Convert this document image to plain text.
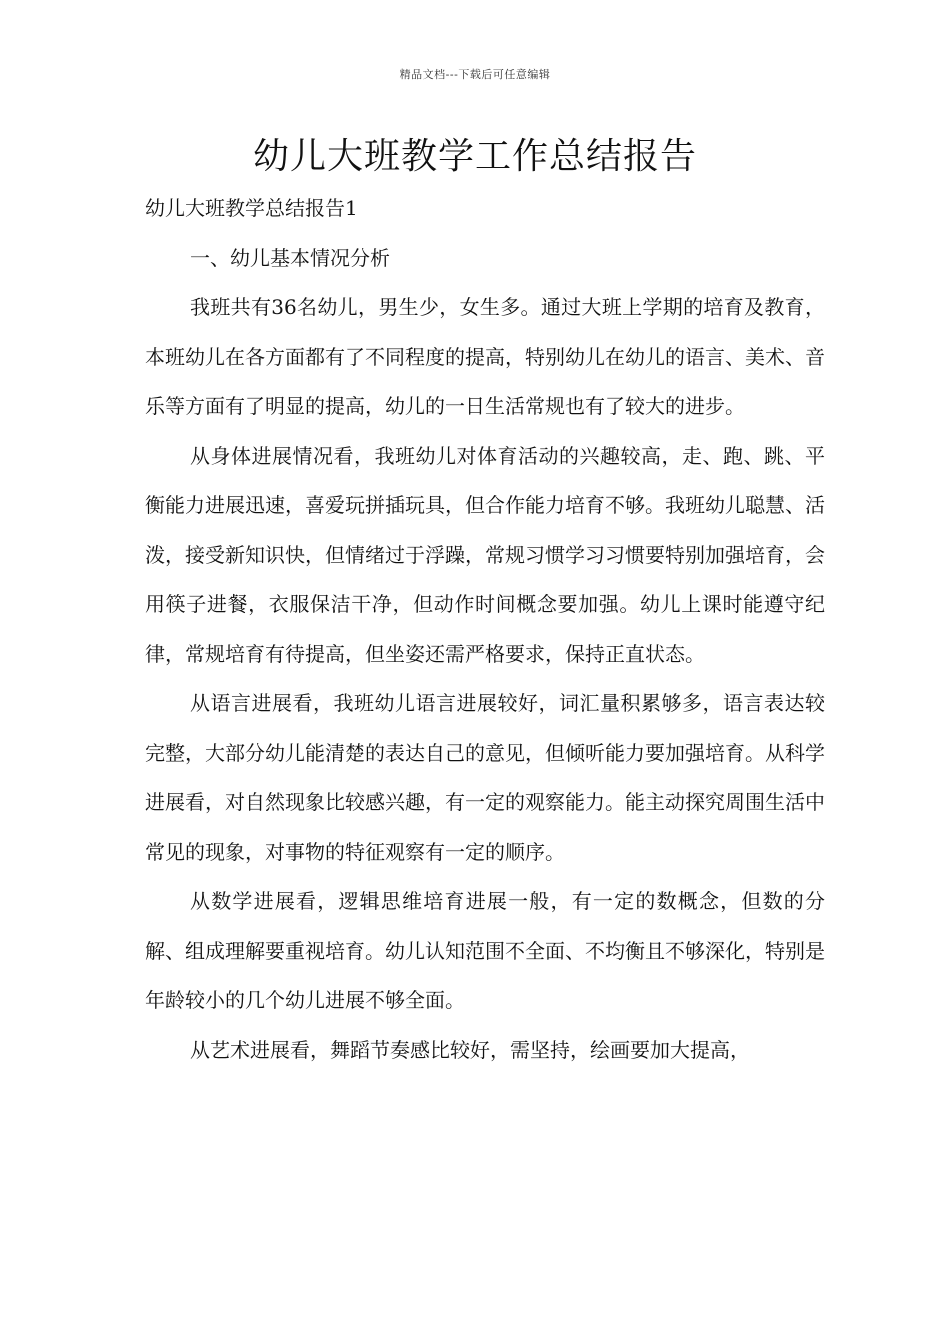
精品文档---下载后可任意编辑
幼儿大班教学工作总结报告

幼儿大班教学总结报告1

一、幼儿基本情况分析

我班共有36名幼儿，男生少，女生多。通过大班上学期的培育及教育，本班幼儿在各方面都有了不同程度的提高，特别幼儿在幼儿的语言、美术、音乐等方面有了明显的提高，幼儿的一日生活常规也有了较大的进步。

从身体进展情况看，我班幼儿对体育活动的兴趣较高，走、跑、跳、平衡能力进展迅速，喜爱玩拼插玩具，但合作能力培育不够。我班幼儿聪慧、活泼，接受新知识快，但情绪过于浮躁，常规习惯学习习惯要特别加强培育，会用筷子进餐，衣服保洁干净，但动作时间概念要加强。幼儿上课时能遵守纪律，常规培育有待提高，但坐姿还需严格要求，保持正直状态。

从语言进展看，我班幼儿语言进展较好，词汇量积累够多，语言表达较完整，大部分幼儿能清楚的表达自己的意见，但倾听能力要加强培育。从科学进展看，对自然现象比较感兴趣，有一定的观察能力。能主动探究周围生活中常见的现象，对事物的特征观察有一定的顺序。

从数学进展看，逻辑思维培育进展一般，有一定的数概念，但数的分解、组成理解要重视培育。幼儿认知范围不全面、不均衡且不够深化，特别是年龄较小的几个幼儿进展不够全面。

从艺术进展看，舞蹈节奏感比较好，需坚持，绘画要加大提高，
